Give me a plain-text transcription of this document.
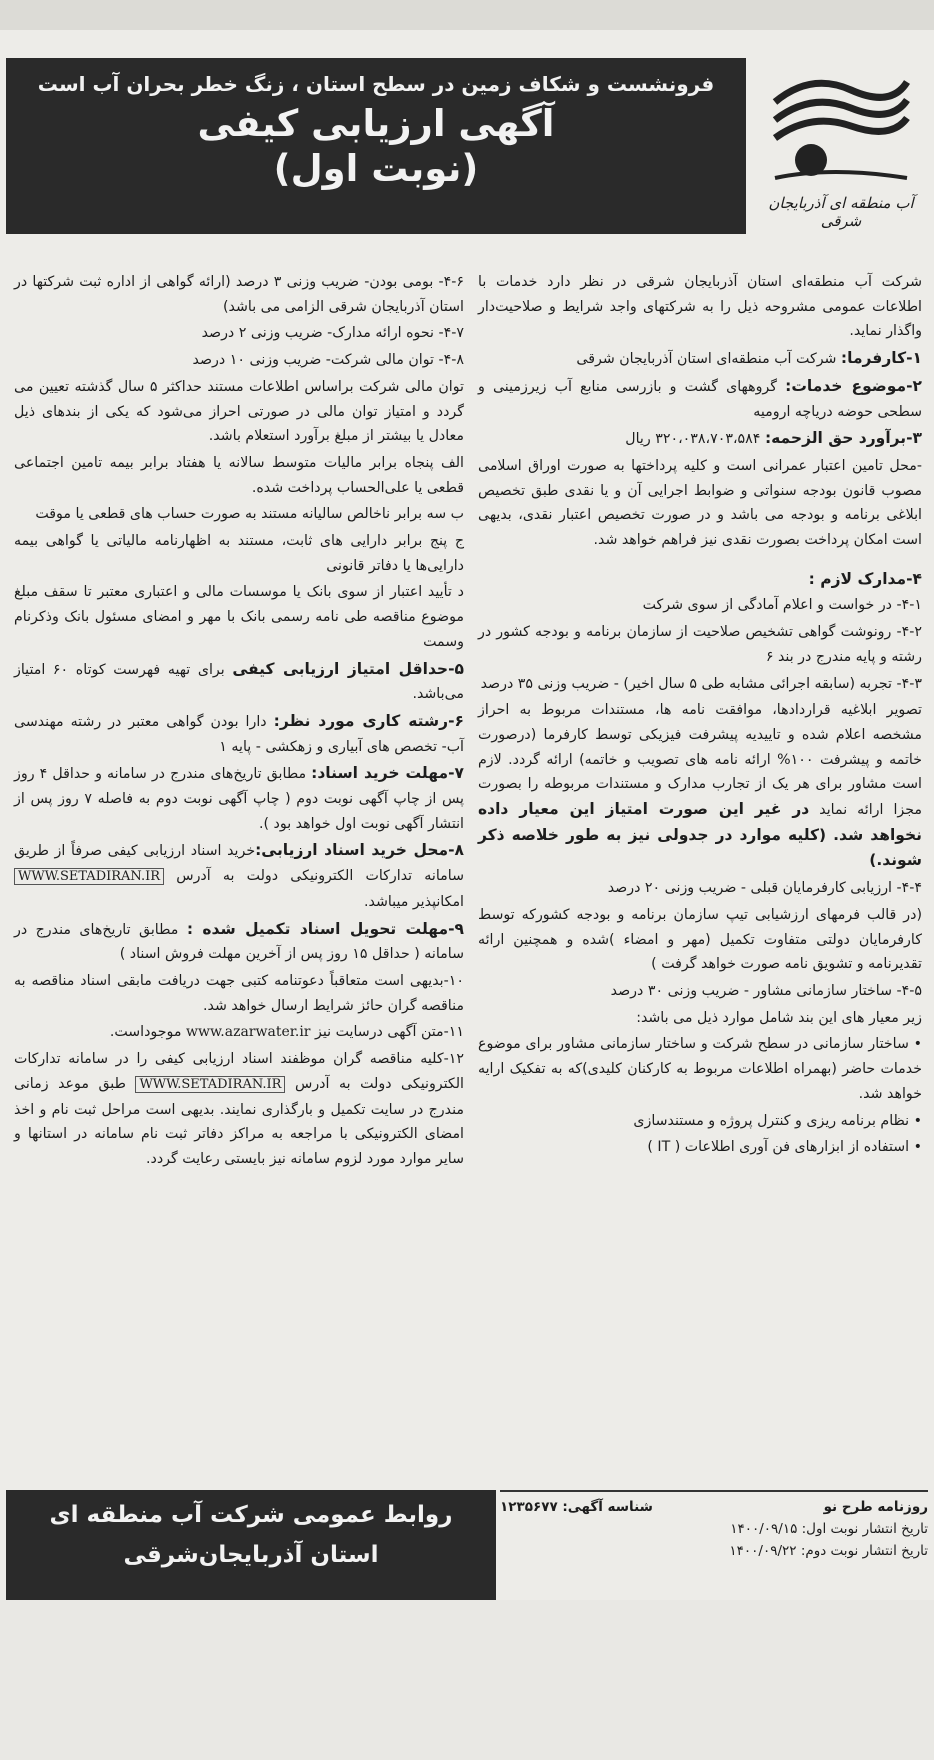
آب منطقه ای آذربایجان شرقی
فرونشست و شکاف زمین در سطح استان ، زنگ خطر بحران آب است
آگهی ارزیابی کیفی
(نوبت اول)

شرکت آب منطقه‌ای استان آذربایجان شرقی در نظر دارد خدمات با اطلاعات عمومی مشروحه ذیل را به شرکتهای واجد شرایط و صلاحیت‌دار واگذار نماید.

۱-کارفرما: شرکت آب منطقه‌ای استان آذربایجان شرقی

۲-موضوع خدمات: گروههای گشت و بازرسی منابع آب زیرزمینی و سطحی حوضه دریاچه ارومیه

۳-برآورد حق الزحمه: ۳۲۰،۰۳۸،۷۰۳،۵۸۴ ریال

-محل تامین اعتبار عمرانی است و کلیه پرداختها به صورت اوراق اسلامی مصوب قانون بودجه سنواتی و ضوابط اجرایی آن و یا نقدی طبق تخصیص ابلاغی برنامه و بودجه می باشد و در صورت تخصیص اعتبار نقدی، بدیهی است امکان پرداخت بصورت نقدی نیز فراهم خواهد شد.

۴-مدارک لازم :

۴-۱- در خواست و اعلام آمادگی از سوی شرکت

۴-۲- رونوشت گواهی تشخیص صلاحیت از سازمان برنامه و بودجه کشور در رشته و پایه مندرج در بند ۶

۴-۳- تجربه (سابقه اجرائی مشابه طی ۵ سال اخیر) - ضریب وزنی ۳۵ درصد

تصویر ابلاغیه قراردادها، موافقت نامه ها، مستندات مربوط به احراز مشخصه اعلام شده و تاییدیه پیشرفت فیزیکی توسط کارفرما (درصورت خاتمه و پیشرفت ۱۰۰% ارائه نامه های تصویب و خاتمه) ارائه گردد. لازم است مشاور برای هر یک از تجارب مدارک و مستندات مربوطه را بصورت مجزا ارائه نماید در غیر این صورت امتیاز این معیار داده نخواهد شد. (کلیه موارد در جدولی نیز به طور خلاصه ذکر شوند.)

۴-۴- ارزیابی کارفرمایان قبلی - ضریب وزنی ۲۰ درصد

(در قالب فرمهای ارزشیابی تیپ سازمان برنامه و بودجه کشورکه توسط کارفرمایان دولتی متفاوت تکمیل (مهر و امضاء )شده و همچنین ارائه تقدیرنامه و تشویق نامه صورت خواهد گرفت )

۴-۵- ساختار سازمانی مشاور - ضریب وزنی ۳۰ درصد

زیر معیار های این بند شامل موارد ذیل می باشد:

• ساختار سازمانی در سطح شرکت و ساختار سازمانی مشاور برای موضوع خدمات حاضر (بهمراه اطلاعات مربوط به کارکنان کلیدی)که به تفکیک ارایه خواهد شد.

• نظام برنامه ریزی و کنترل پروژه و مستندسازی

• استفاده از ابزارهای فن آوری اطلاعات ( IT )

۴-۶- بومی بودن- ضریب وزنی ۳ درصد (ارائه گواهی از اداره ثبت شرکتها در استان آذربایجان شرقی الزامی می باشد)

۴-۷- نحوه ارائه مدارک- ضریب وزنی ۲ درصد

۴-۸- توان مالی شرکت- ضریب وزنی ۱۰ درصد

توان مالی شرکت براساس اطلاعات مستند حداکثر ۵ سال گذشته تعیین می گردد و امتیاز توان مالی در صورتی احراز می‌شود که یکی از بندهای ذیل معادل یا بیشتر از مبلغ برآورد استعلام باشد.

الف پنجاه برابر مالیات متوسط سالانه یا هفتاد برابر بیمه تامین اجتماعی قطعی یا علی‌الحساب پرداخت شده.

ب سه برابر ناخالص سالیانه مستند به صورت حساب های قطعی یا موقت

ج پنج برابر دارایی های ثابت، مستند به اظهارنامه مالیاتی یا گواهی بیمه دارایی‌ها یا دفاتر قانونی

د تأیید اعتبار از سوی بانک یا موسسات مالی و اعتباری معتبر تا سقف مبلغ موضوع مناقصه طی نامه رسمی بانک با مهر و امضای مسئول بانک وذکرنام وسمت

۵-حداقل امتیاز ارزیابی کیفی برای تهیه فهرست کوتاه ۶۰ امتیاز می‌باشد.

۶-رشته کاری مورد نظر: دارا بودن گواهی معتبر در رشته مهندسی آب- تخصص های آبیاری و زهکشی - پایه ۱

۷-مهلت خرید اسناد: مطابق تاریخ‌های مندرج در سامانه و حداقل ۴ روز پس از چاپ آگهی نوبت دوم ( چاپ آگهی نوبت دوم به فاصله ۷ روز پس از انتشار آگهی نوبت اول خواهد بود ).

۸-محل خرید اسناد ارزیابی:خرید اسناد ارزیابی کیفی صرفاً از طریق سامانه تدارکات الکترونیکی دولت به آدرس WWW.SETADIRAN.IR امکانپذیر میباشد.

۹-مهلت تحویل اسناد تکمیل شده : مطابق تاریخ‌های مندرج در سامانه ( حداقل ۱۵ روز پس از آخرین مهلت فروش اسناد )

۱۰-بدیهی است متعاقباً دعوتنامه کتبی جهت دریافت مابقی اسناد مناقصه به مناقصه گران حائز شرایط ارسال خواهد شد.

۱۱-متن آگهی درسایت نیز www.azarwater.ir موجوداست.

۱۲-کلیه مناقصه گران موظفند اسناد ارزیابی کیفی را در سامانه تدارکات الکترونیکی دولت به آدرس WWW.SETADIRAN.IR طبق موعد زمانی مندرج در سایت تکمیل و بارگذاری نمایند. بدیهی است مراحل ثبت نام و اخذ امضای الکترونیکی با مراجعه به مراکز دفاتر ثبت نام سامانه در استانها و سایر موارد مورد لزوم سامانه نیز بایستی رعایت گردد.

روزنامه طرح نو
شناسه آگهی: ۱۲۳۵۶۷۷
تاریخ انتشار نوبت اول: ۱۴۰۰/۰۹/۱۵
تاریخ انتشار نوبت دوم: ۱۴۰۰/۰۹/۲۲
روابط عمومی شرکت آب منطقه ای
استان آذربایجان‌شرقی
